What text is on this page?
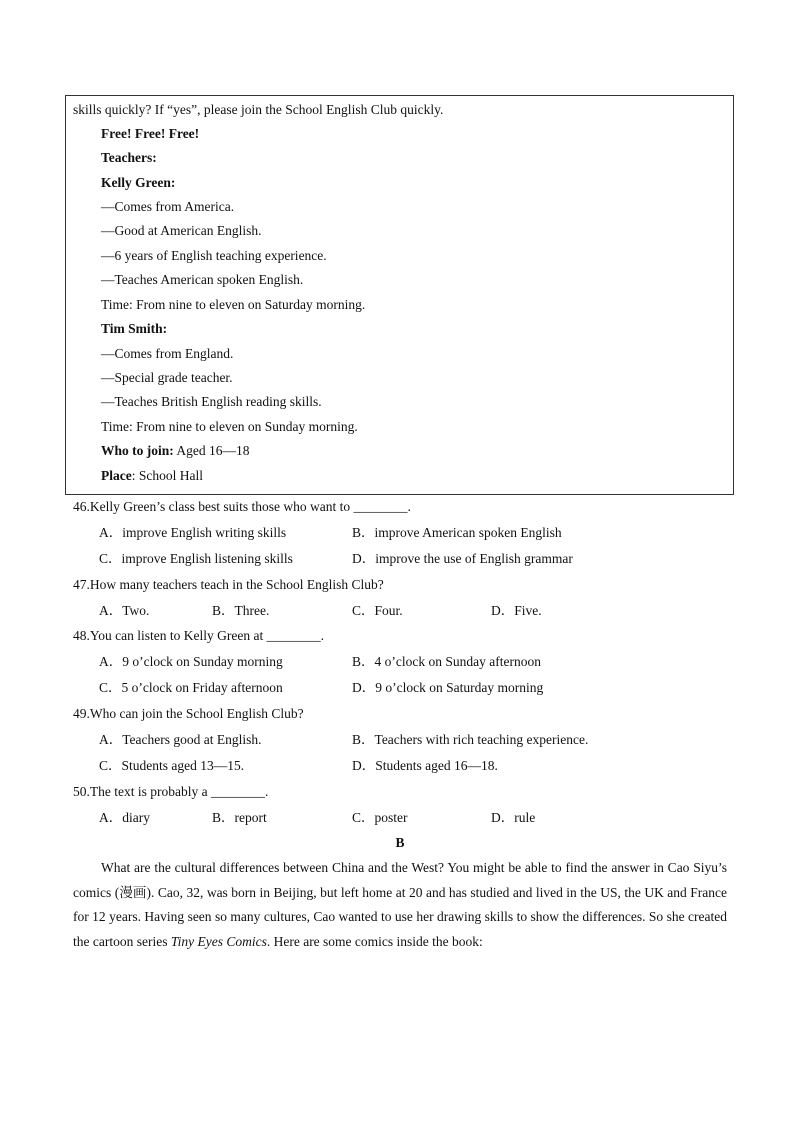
skills quickly? If “yes”, please join the School English Club quickly.
Free! Free! Free!
Teachers:
Kelly Green:
—Comes from America.
—Good at American English.
—6 years of English teaching experience.
—Teaches American spoken English.
Time: From nine to eleven on Saturday morning.
Tim Smith:
—Comes from England.
—Special grade teacher.
—Teaches British English reading skills.
Time: From nine to eleven on Sunday morning.
Who to join: Aged 16—18
Place: School Hall
46.Kelly Green’s class best suits those who want to ________.
A．improve English writing skills	B．improve American spoken English
C．improve English listening skills	D．improve the use of English grammar
47.How many teachers teach in the School English Club?
A．Two.	B．Three.	C．Four.	D．Five.
48.You can listen to Kelly Green at ________.
A．9 o’clock on Sunday morning	B．4 o’clock on Sunday afternoon
C．5 o’clock on Friday afternoon	D．9 o’clock on Saturday morning
49.Who can join the School English Club?
A．Teachers good at English.	B．Teachers with rich teaching experience.
C．Students aged 13—15.	D．Students aged 16—18.
50.The text is probably a ________.
A．diary	B．report	C．poster	D．rule
B
What are the cultural differences between China and the West? You might be able to find the answer in Cao Siyu’s comics (漫画). Cao, 32, was born in Beijing, but left home at 20 and has studied and lived in the US, the UK and France for 12 years. Having seen so many cultures, Cao wanted to use her drawing skills to show the differences. So she created the cartoon series Tiny Eyes Comics. Here are some comics inside the book:
